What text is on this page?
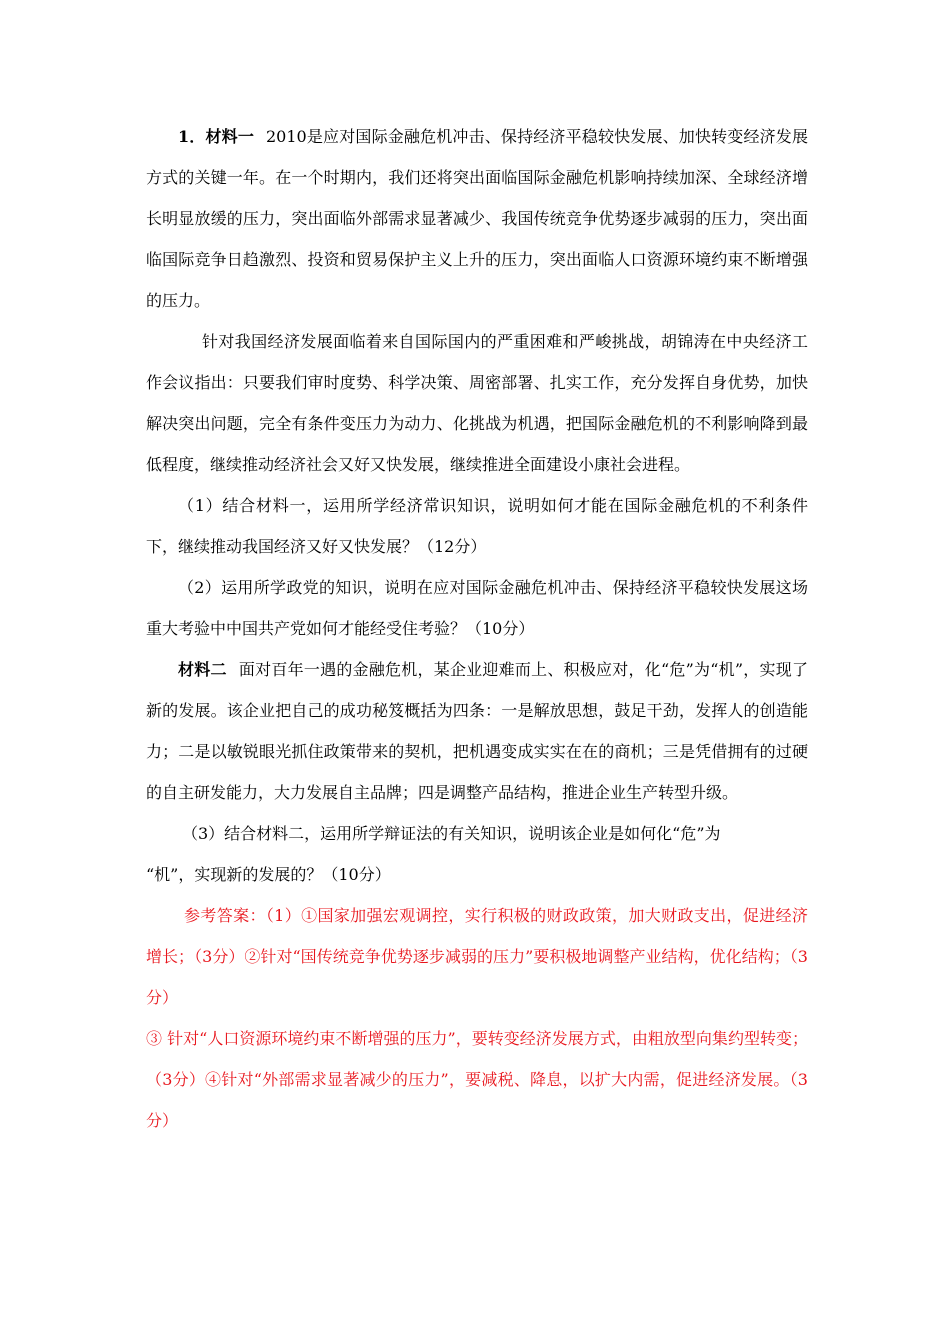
1．材料一 2010是应对国际金融危机冲击、保持经济平稳较快发展、加快转变经济发展方式的关键一年。在一个时期内，我们还将突出面临国际金融危机影响持续加深、全球经济增长明显放缓的压力，突出面临外部需求显著减少、我国传统竞争优势逐步减弱的压力，突出面临国际竞争日趋激烈、投资和贸易保护主义上升的压力，突出面临人口资源环境约束不断增强的压力。

针对我国经济发展面临着来自国际国内的严重困难和严峻挑战，胡锦涛在中央经济工作会议指出：只要我们审时度势、科学决策、周密部署、扎实工作，充分发挥自身优势，加快解决突出问题，完全有条件变压力为动力、化挑战为机遇，把国际金融危机的不利影响降到最低程度，继续推动经济社会又好又快发展，继续推进全面建设小康社会进程。

（1）结合材料一，运用所学经济常识知识，说明如何才能在国际金融危机的不利条件下，继续推动我国经济又好又快发展？（12分）

（2）运用所学政党的知识，说明在应对国际金融危机冲击、保持经济平稳较快发展这场重大考验中中国共产党如何才能经受住考验？（10分）

材料二 面对百年一遇的金融危机，某企业迎难而上、积极应对，化“危”为“机”，实现了新的发展。该企业把自己的成功秘笈概括为四条：一是解放思想，鼓足干劲，发挥人的创造能力；二是以敏锐眼光抓住政策带来的契机，把机遇变成实实在在的商机；三是凭借拥有的过硬的自主研发能力，大力发展自主品牌；四是调整产品结构，推进企业生产转型升级。

（3）结合材料二，运用所学辩证法的有关知识，说明该企业是如何化“危”为

“机”，实现新的发展的？（10分）

参考答案：（1）①国家加强宏观调控，实行积极的财政政策，加大财政支出，促进经济增长；（3分）②针对“国传统竞争优势逐步减弱的压力”要积极地调整产业结构，优化结构；（3分）

③ 针对“人口资源环境约束不断增强的压力”，要转变经济发展方式，由粗放型向集约型转变；（3分）④针对“外部需求显著减少的压力”，要减税、降息，以扩大内需，促进经济发展。（3分）
